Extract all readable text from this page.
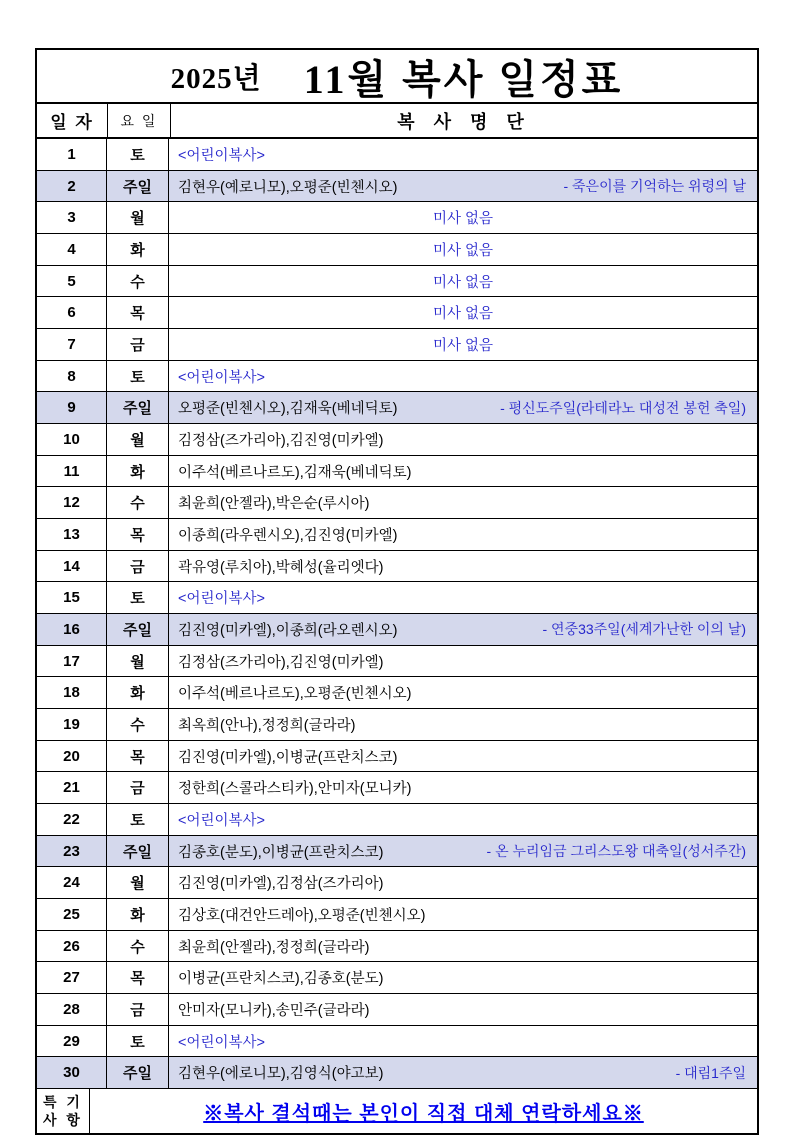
2025년 11월 복사 일정표
일 자	요 일	복 사 명 단
1	토	<어린이복사>
2	주일	김현우(예로니모),오평준(빈첸시오)	- 죽은이를 기억하는 위령의 날
3	월	미사 없음
4	화	미사 없음
5	수	미사 없음
6	목	미사 없음
7	금	미사 없음
8	토	<어린이복사>
9	주일	오평준(빈첸시오),김재욱(베네딕토)	- 평신도주일(라테라노 대성전 봉헌 축일)
10	월	김정삼(즈가리아),김진영(미카엘)
11	화	이주석(베르나르도),김재욱(베네딕토)
12	수	최윤희(안젤라),박은순(루시아)
13	목	이종희(라우렌시오),김진영(미카엘)
14	금	곽유영(루치아),박혜성(율리엣다)
15	토	<어린이복사>
16	주일	김진영(미카엘),이종희(라오렌시오)	- 연중33주일(세계가난한 이의 날)
17	월	김정삼(즈가리아),김진영(미카엘)
18	화	이주석(베르나르도),오평준(빈첸시오)
19	수	최옥희(안나),정정희(글라라)
20	목	김진영(미카엘),이병균(프란치스코)
21	금	정한희(스콜라스티카),안미자(모니카)
22	토	<어린이복사>
23	주일	김종호(분도),이병균(프란치스코)	- 온 누리임금 그리스도왕 대축일(성서주간)
24	월	김진영(미카엘),김정삼(즈가리아)
25	화	김상호(대건안드레아),오평준(빈첸시오)
26	수	최윤희(안젤라),정정희(글라라)
27	목	이병균(프란치스코),김종호(분도)
28	금	안미자(모니카),송민주(글라라)
29	토	<어린이복사>
30	주일	김현우(에로니모),김영식(야고보)	- 대림1주일
특 기
사 항	※복사 결석때는 본인이 직접 대체 연락하세요※
